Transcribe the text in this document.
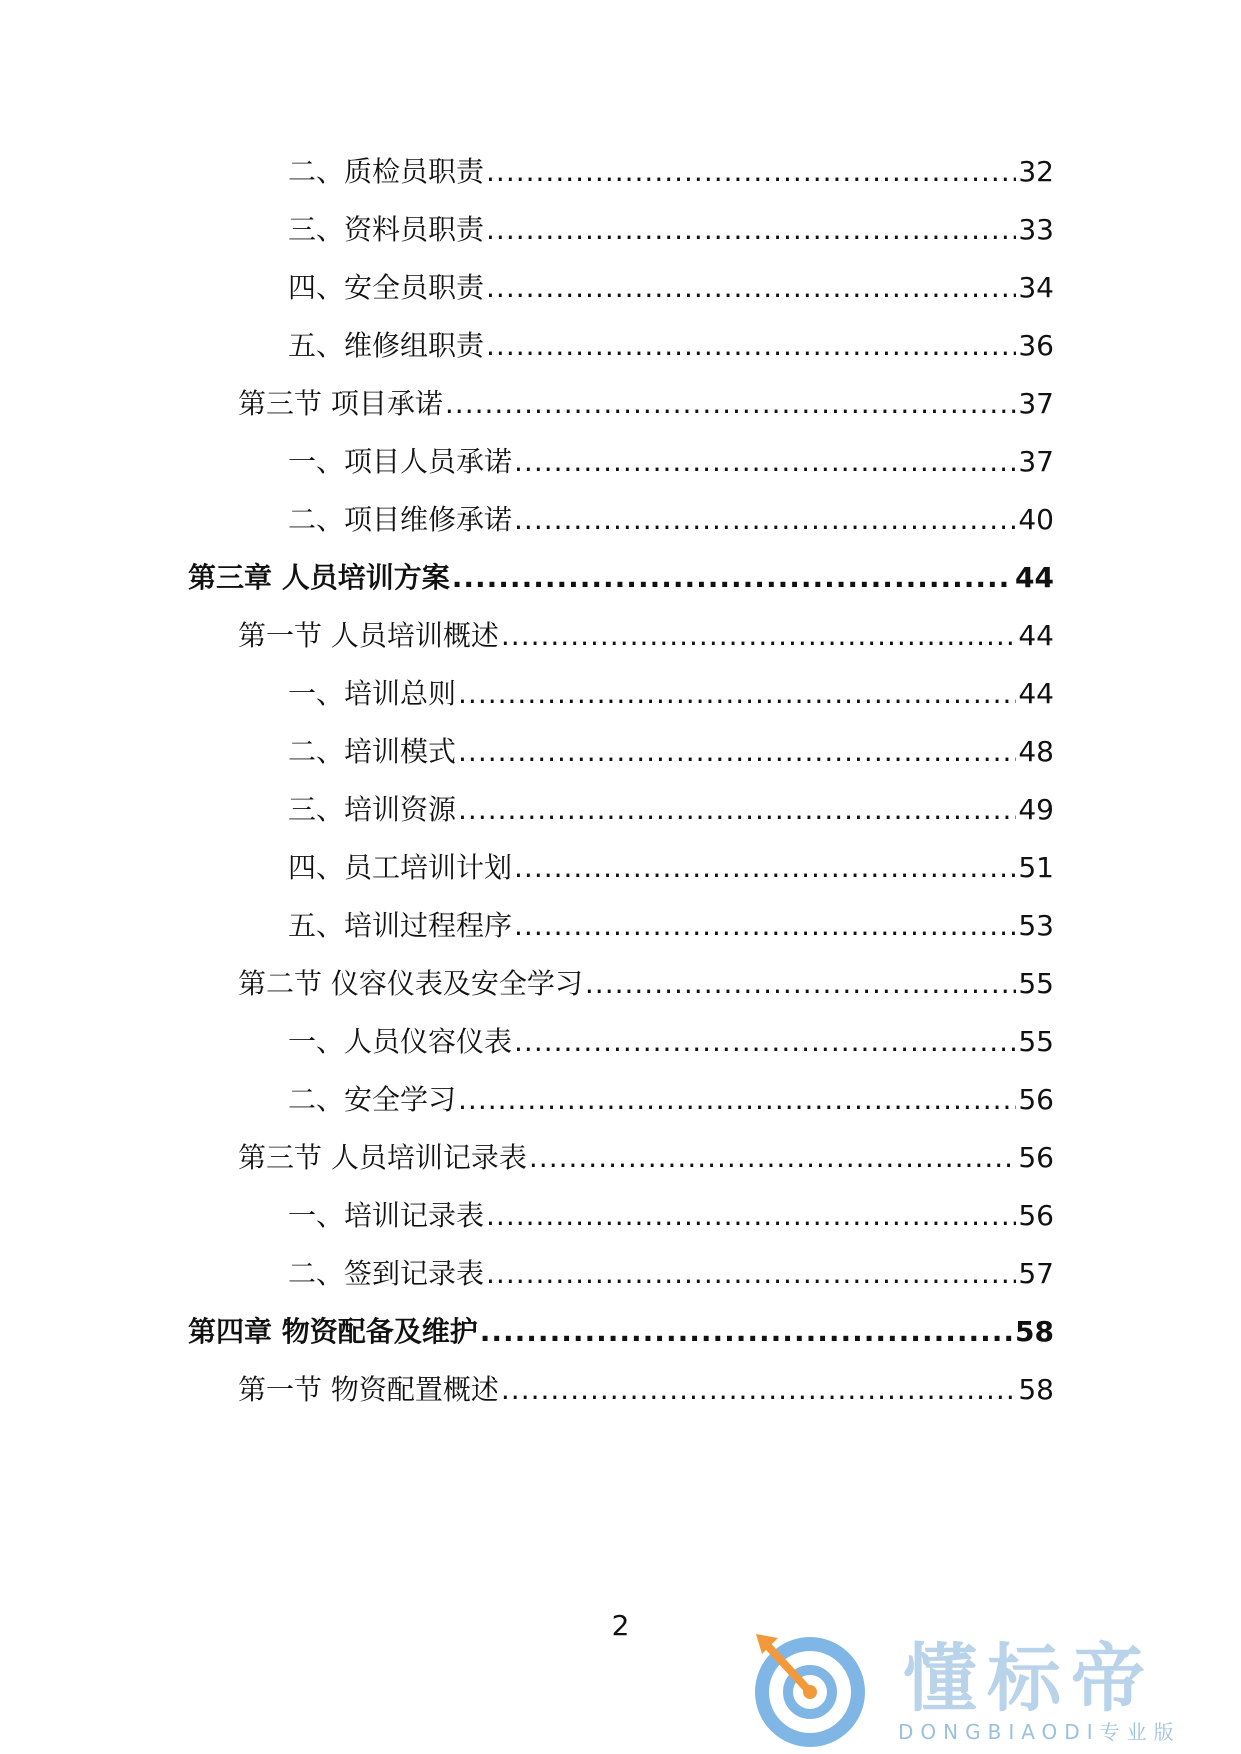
二、质检员职责 .....	32
三、资料员职责 .....	33
四、安全员职责 .....	34
五、维修组职责 .....	36
第三节 项目承诺 .....	37
一、项目人员承诺 .....	37
二、项目维修承诺 .....	40
第三章 人员培训方案 .....	44
第一节 人员培训概述 .....	44
一、培训总则 .....	44
二、培训模式 .....	48
三、培训资源 .....	49
四、员工培训计划 .....	51
五、培训过程程序 .....	53
第二节 仪容仪表及安全学习 .....	55
一、人员仪容仪表 .....	55
二、安全学习 .....	56
第三节 人员培训记录表 .....	56
一、培训记录表 .....	56
二、签到记录表 .....	57
第四章 物资配备及维护 .....	58
第一节 物资配置概述 .....	58
2
懂标帝
DONGBIAODI专业版
